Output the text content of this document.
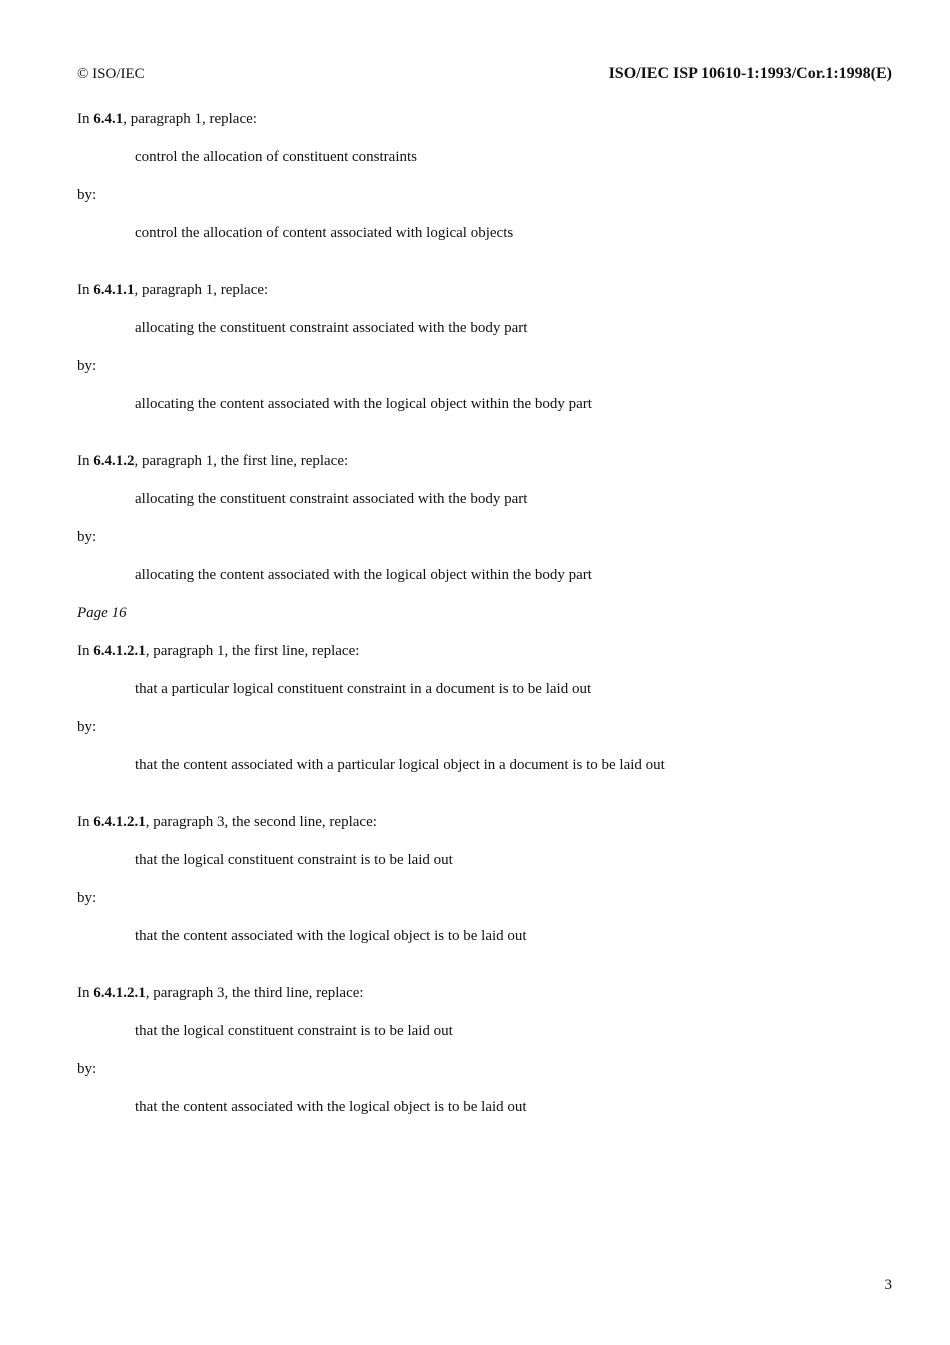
© ISO/IEC	ISO/IEC ISP 10610-1:1993/Cor.1:1998(E)
In 6.4.1, paragraph 1, replace:
control the allocation of constituent constraints
by:
control the allocation of content associated with logical objects
In 6.4.1.1, paragraph 1, replace:
allocating the constituent constraint associated with the body part
by:
allocating the content associated with the logical object within the body part
In 6.4.1.2, paragraph 1, the first line, replace:
allocating the constituent constraint associated with the body part
by:
allocating the content associated with the logical object within the body part
Page 16
In 6.4.1.2.1, paragraph 1, the first line, replace:
that a particular logical constituent constraint in a document is to be laid out
by:
that the content associated with a particular logical object in a document is to be laid out
In 6.4.1.2.1, paragraph 3, the second line, replace:
that the logical constituent constraint is to be laid out
by:
that the content associated with the logical object is to be laid out
In 6.4.1.2.1, paragraph 3, the third line, replace:
that the logical constituent constraint is to be laid out
by:
that the content associated with the logical object is to be laid out
3
